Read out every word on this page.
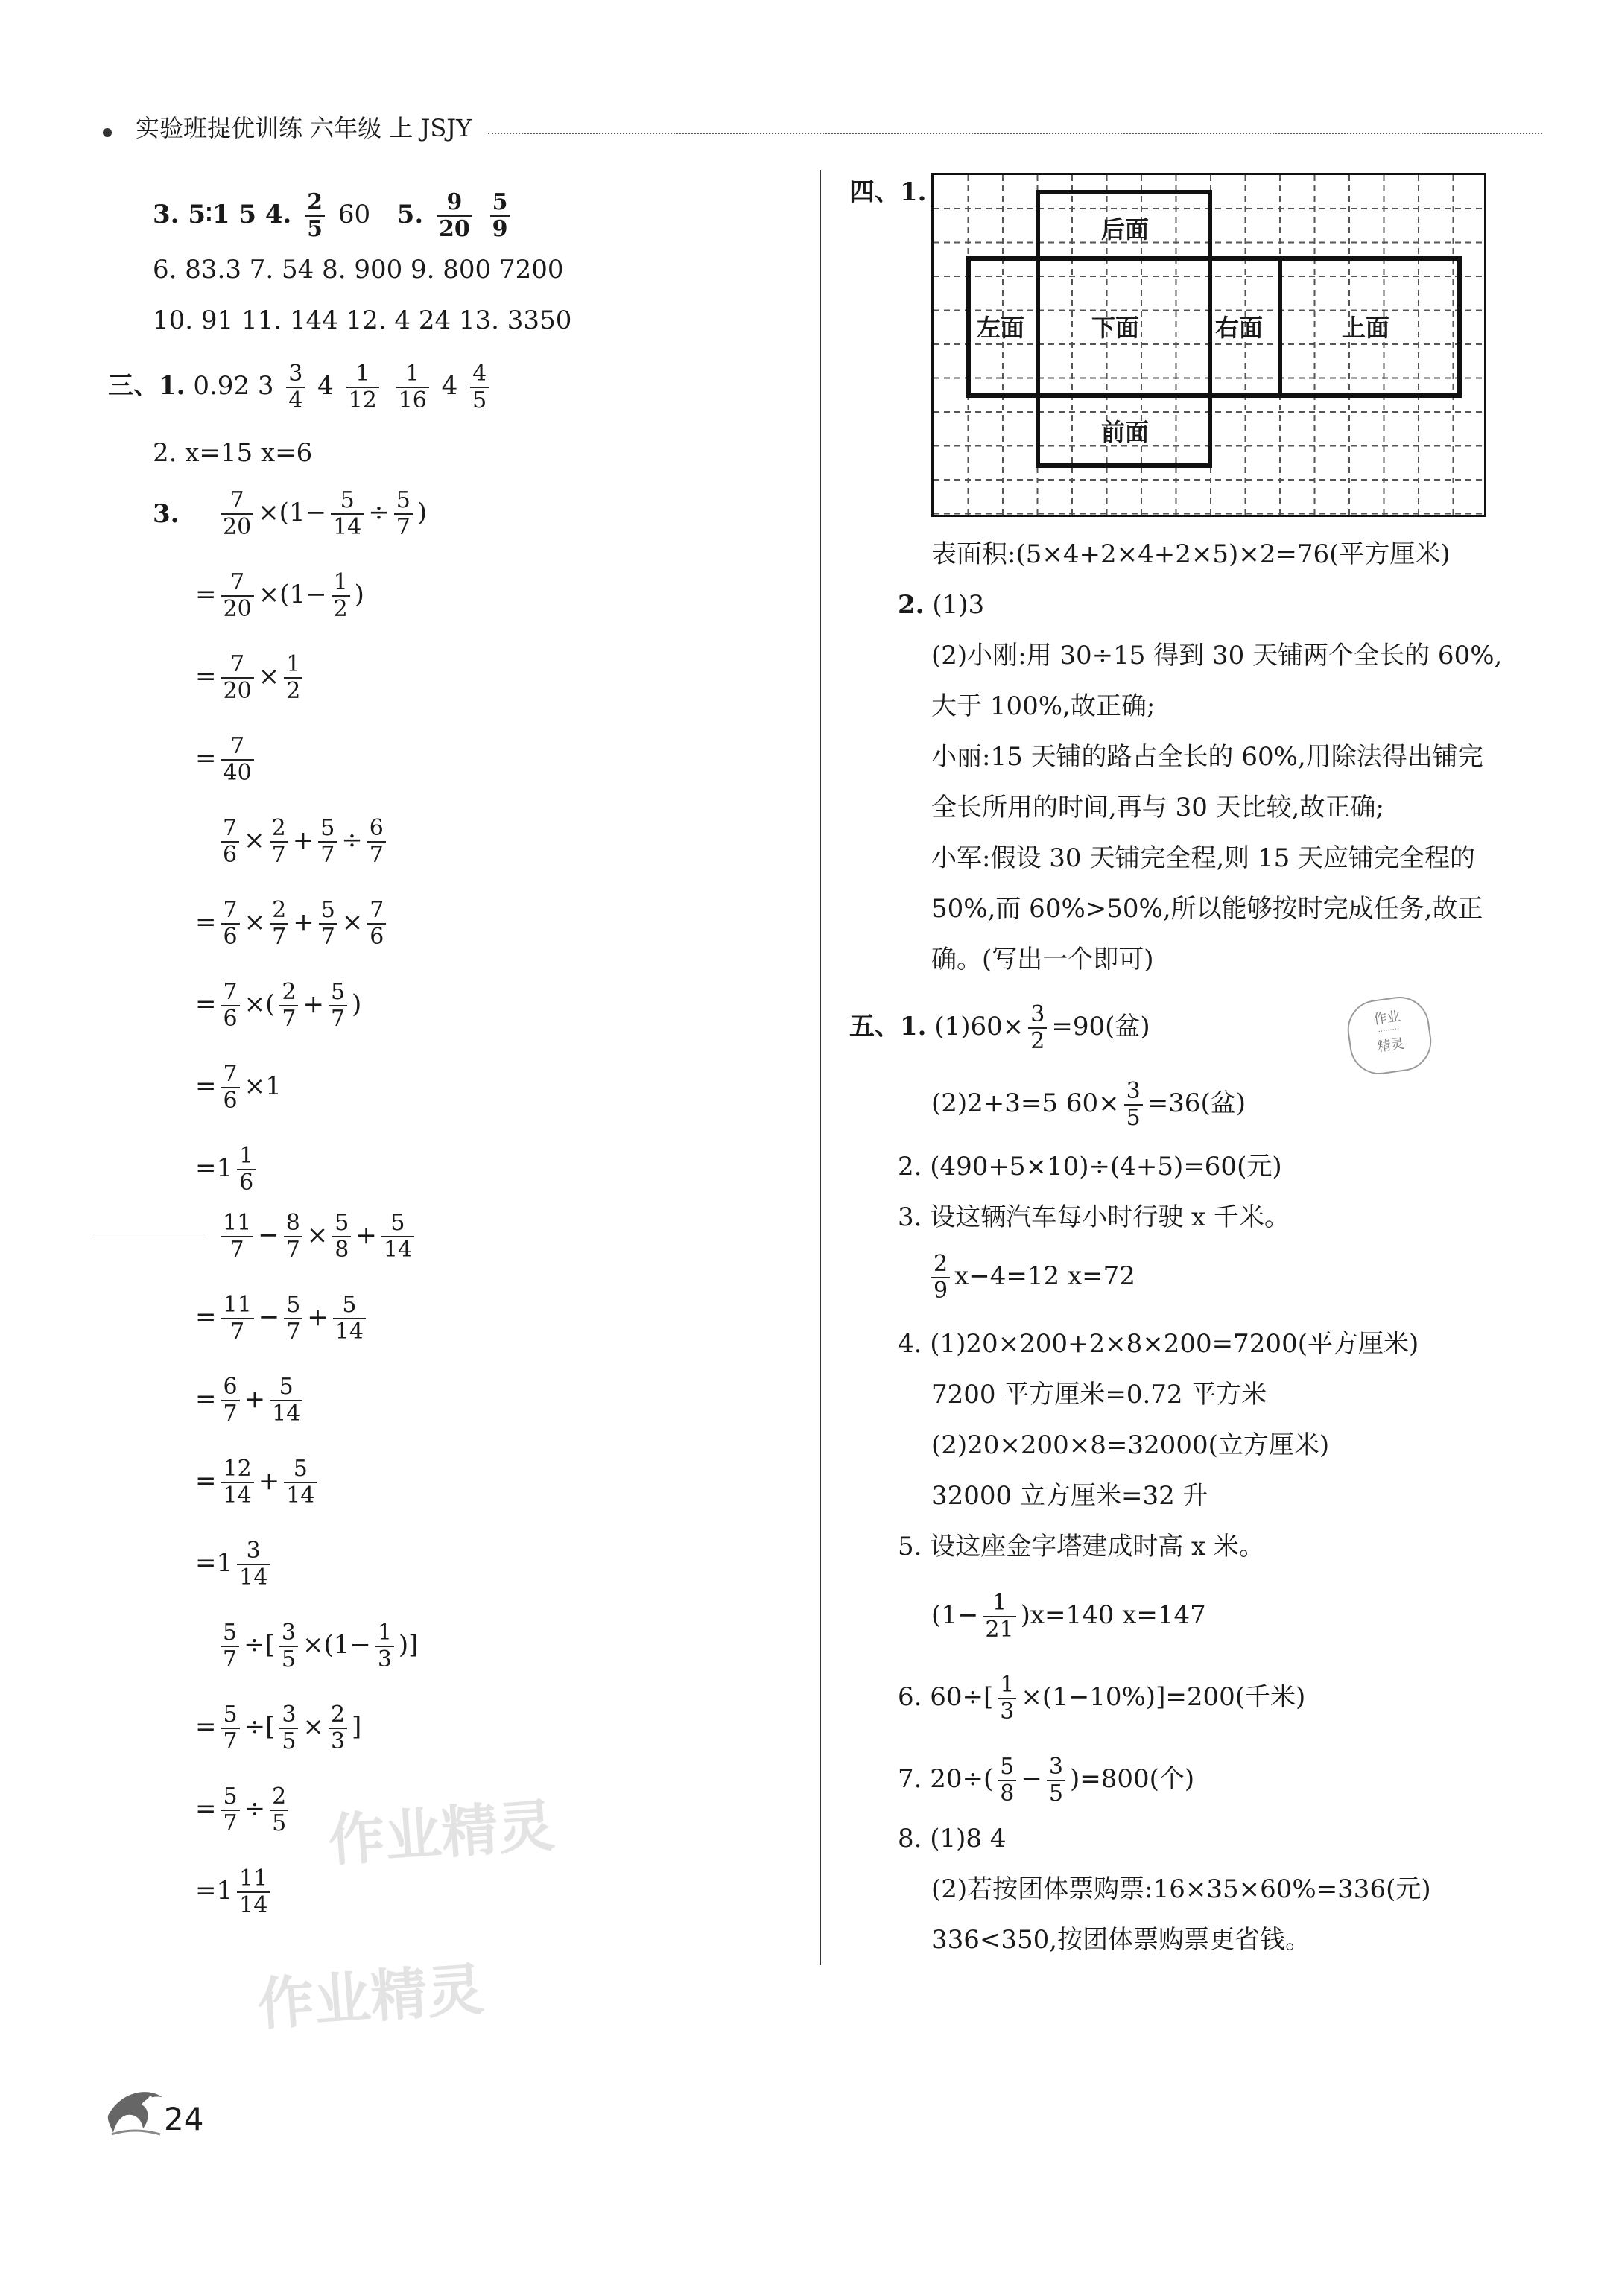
实验班提优训练 六年级 上 JSJY
3. 5∶1 5 4. $\frac{2}{5} 60$ 5. $\frac{9}{20}$
$\frac{5}{9}$
6. 83.3 7. 54 8. 900 9. 800 7200
10. 91 11. 144 12. 4 24 13. 3350
三、1. 0.92 $3 \frac{3}{4} 4 \frac{1}{12}$
$\frac{1}{16} 4 \frac{4}{5}$
2. x=15 x=6
3. $\frac{7}{20} \times(1- \frac{5}{14} \div \frac{5}{7}$ )
= $\frac{7}{20} \times(1- \frac{1}{2}$ )
= $\frac{7}{20} \times \frac{1}{2}$
= $\frac{7}{40}$
$\frac{7}{6} \times \frac{2}{7} + \frac{5}{7} \div \frac{6}{7}$
= $\frac{7}{6} \times \frac{2}{7} + \frac{5}{7} \times \frac{7}{6}$
= $\frac{7}{6}$ ×( $\frac{2}{7} + \frac{5}{7}$ )
= $\frac{7}{6} \times 1$
$=1 \frac{1}{6}$
$\frac{11}{7} - \frac{8}{7} \times \frac{5}{8} + \frac{5}{14}$
= $\frac{11}{7} - \frac{5}{7} + \frac{5}{14}$
= $\frac{6}{7} + \frac{5}{14}$
= $\frac{12}{14} + \frac{5}{14}$
$=1 \frac{3}{14}$
$\frac{5}{7}$ ÷[ $\frac{3}{5} \times(1- \frac{1}{3}$ )]
= $\frac{5}{7}$ ÷[ $\frac{3}{5} \times \frac{2}{3}$ ]
= $\frac{5}{7} \div \frac{2}{5}$
$=1 \frac{11}{14}$
作业精灵
作业精灵
四、1.
后面
左面	下面	右面	上面
前面
表面积:(5×4+2×4+2×5)×2=76(平方厘米)
2. (1)3
(2)小刚:用 30÷15 得到 30 天铺两个全长的 60%,
大于 100%,故正确;
小丽:15 天铺的路占全长的 60%,用除法得出铺完
全长所用的时间,再与 30 天比较,故正确;
小军:假设 30 天铺完全程,则 15 天应铺完全程的
50%,而 60%>50%,所以能够按时完成任务,故正
确。(写出一个即可)
五、1. $(1)60\times \frac{3}{2} =90$(盆)	作业
·········
精灵
(2)2+3=5 $60\times \frac{3}{5} =36$(盆)
2. (490+5×10)÷(4+5)=60(元)
3. 设这辆汽车每小时行驶 x 千米。
$\frac{2}{9} x-4=12$ x=72
4. (1)20×200+2×8×200=7200(平方厘米)
7200 平方厘米=0.72 平方米
(2)20×200×8=32000(立方厘米)
32000 立方厘米=32 升
5. 设这座金字塔建成时高 x 米。
$(1- \frac{1}{21} )x=140$ x=147
6. $60\div[ \frac{1}{3} \times(1-10\%)]=200$(千米)
7. $20\div( \frac{5}{8} - \frac{3}{5} )=800$(个)
8. (1)8 4
(2)若按团体票购票:16×35×60%=336(元)
336<350,按团体票购票更省钱。
24
